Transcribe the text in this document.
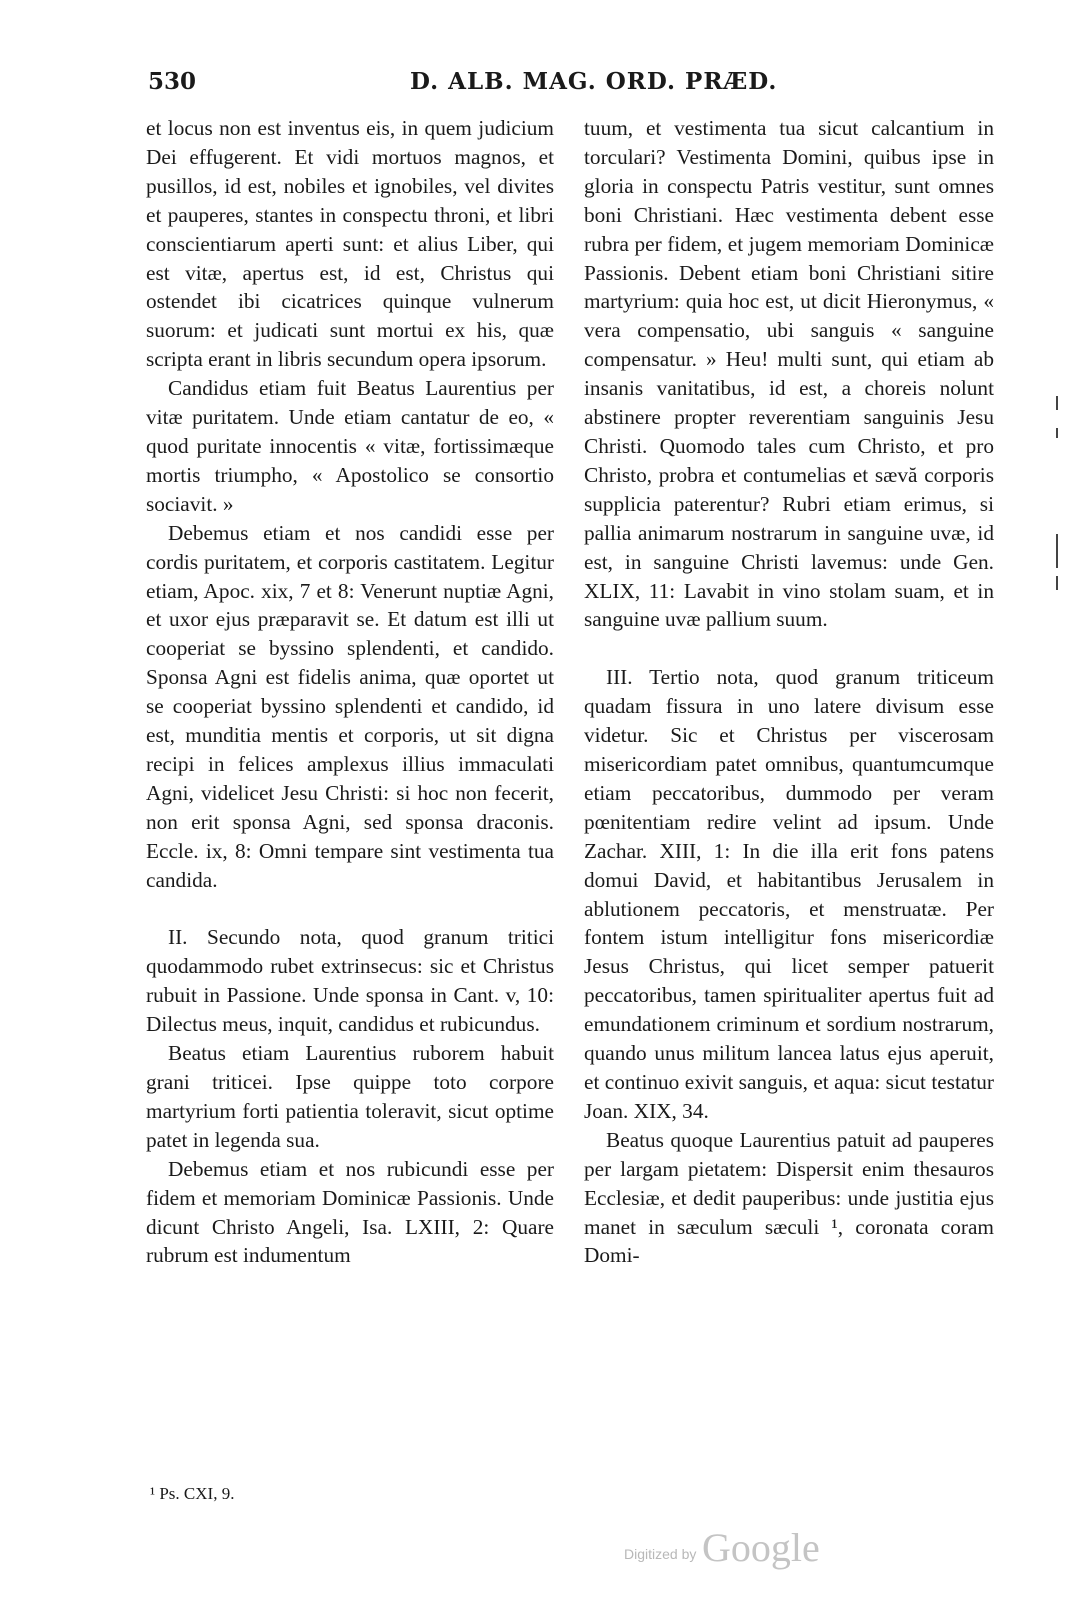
530	D. ALB. MAG. ORD. PRÆD.

et locus non est inventus eis, in quem judicium Dei effugerent. Et vidi mortuos magnos, et pusillos, id est, nobiles et ignobiles, vel divites et pauperes, stantes in conspectu throni, et libri conscientiarum aperti sunt: et alius Liber, qui est vitæ, apertus est, id est, Christus qui ostendet ibi cicatrices quinque vulnerum suorum: et judicati sunt mortui ex his, quæ scripta erant in libris secundum opera ipsorum.

Candidus etiam fuit Beatus Laurentius per vitæ puritatem. Unde etiam cantatur de eo, « quod puritate innocentis « vitæ, fortissimæque mortis triumpho, « Apostolico se consortio sociavit. »

Debemus etiam et nos candidi esse per cordis puritatem, et corporis castitatem. Legitur etiam, Apoc. xix, 7 et 8: Venerunt nuptiæ Agni, et uxor ejus præparavit se. Et datum est illi ut cooperiat se byssino splendenti, et candido. Sponsa Agni est fidelis anima, quæ oportet ut se cooperiat byssino splendenti et candido, id est, munditia mentis et corporis, ut sit digna recipi in felices amplexus illius immaculati Agni, videlicet Jesu Christi: si hoc non fecerit, non erit sponsa Agni, sed sponsa draconis. Eccle. ix, 8: Omni tempare sint vestimenta tua candida.

II. Secundo nota, quod granum tritici quodammodo rubet extrinsecus: sic et Christus rubuit in Passione. Unde sponsa in Cant. v, 10: Dilectus meus, inquit, candidus et rubicundus.

Beatus etiam Laurentius ruborem habuit grani triticei. Ipse quippe toto corpore martyrium forti patientia toleravit, sicut optime patet in legenda sua.

Debemus etiam et nos rubicundi esse per fidem et memoriam Dominicæ Passionis. Unde dicunt Christo Angeli, Isa. LXIII, 2: Quare rubrum est indumentum

tuum, et vestimenta tua sicut calcantium in torculari? Vestimenta Domini, quibus ipse in gloria in conspectu Patris vestitur, sunt omnes boni Christiani. Hæc vestimenta debent esse rubra per fidem, et jugem memoriam Dominicæ Passionis. Debent etiam boni Christiani sitire martyrium: quia hoc est, ut dicit Hieronymus, « vera compensatio, ubi sanguis « sanguine compensatur. » Heu! multi sunt, qui etiam ab insanis vanitatibus, id est, a choreis nolunt abstinere propter reverentiam sanguinis Jesu Christi. Quomodo tales cum Christo, et pro Christo, probra et contumelias et sævă corporis supplicia paterentur? Rubri etiam erimus, si pallia animarum nostrarum in sanguine uvæ, id est, in sanguine Christi lavemus: unde Gen. XLIX, 11: Lavabit in vino stolam suam, et in sanguine uvæ pallium suum.

III. Tertio nota, quod granum triticeum quadam fissura in uno latere divisum esse videtur. Sic et Christus per viscerosam misericordiam patet omnibus, quantumcumque etiam peccatoribus, dummodo per veram pœnitentiam redire velint ad ipsum. Unde Zachar. XIII, 1: In die illa erit fons patens domui David, et habitantibus Jerusalem in ablutionem peccatoris, et menstruatæ. Per fontem istum intelligitur fons misericordiæ Jesus Christus, qui licet semper patuerit peccatoribus, tamen spiritualiter apertus fuit ad emundationem criminum et sordium nostrarum, quando unus militum lancea latus ejus aperuit, et continuo exivit sanguis, et aqua: sicut testatur Joan. XIX, 34.

Beatus quoque Laurentius patuit ad pauperes per largam pietatem: Dispersit enim thesauros Ecclesiæ, et dedit pauperibus: unde justitia ejus manet in sæculum sæculi ¹, coronata coram Domi-

¹ Ps. CXI, 9.
Digitized by Google
